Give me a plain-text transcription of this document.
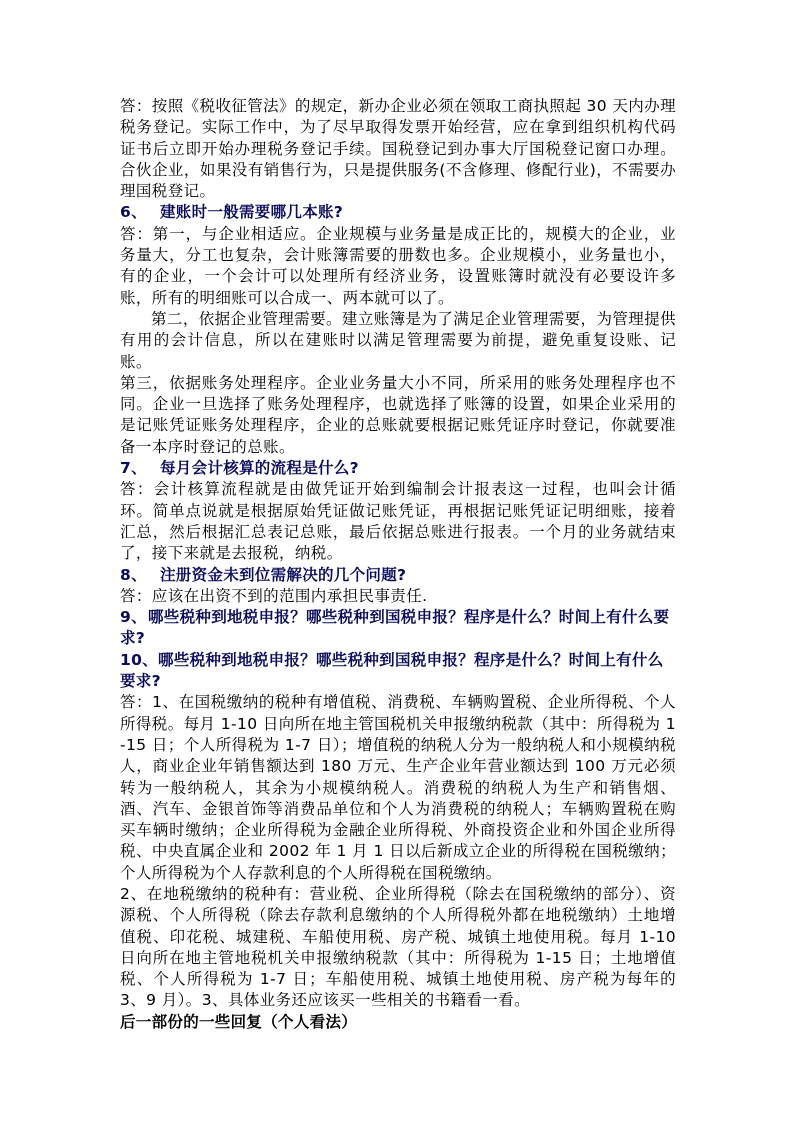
答：按照《税收征管法》的规定，新办企业必须在领取工商执照起 30 天内办理税务登记。实际工作中，为了尽早取得发票开始经营，应在拿到组织机构代码证书后立即开始办理税务登记手续。国税登记到办事大厅国税登记窗口办理。合伙企业，如果没有销售行为，只是提供服务(不含修理、修配行业)，不需要办理国税登记。

6、 建账时一般需要哪几本账?

答：第一，与企业相适应。企业规模与业务量是成正比的，规模大的企业，业务量大，分工也复杂，会计账簿需要的册数也多。企业规模小，业务量也小，有的企业，一个会计可以处理所有经济业务，设置账簿时就没有必要设许多账，所有的明细账可以合成一、两本就可以了。

第二，依据企业管理需要。建立账簿是为了满足企业管理需要，为管理提供有用的会计信息，所以在建账时以满足管理需要为前提，避免重复设账、记账。

第三，依据账务处理程序。企业业务量大小不同，所采用的账务处理程序也不同。企业一旦选择了账务处理程序，也就选择了账簿的设置，如果企业采用的是记账凭证账务处理程序，企业的总账就要根据记账凭证序时登记，你就要准备一本序时登记的总账。

7、 每月会计核算的流程是什么?

答：会计核算流程就是由做凭证开始到编制会计报表这一过程，也叫会计循环。简单点说就是根据原始凭证做记账凭证，再根据记账凭证记明细账，接着汇总，然后根据汇总表记总账，最后依据总账进行报表。一个月的业务就结束了，接下来就是去报税，纳税。

8、 注册资金未到位需解决的几个问题?

答：应该在出资不到的范围内承担民事责任.

9、哪些税种到地税申报？哪些税种到国税申报？程序是什么？时间上有什么要求?

10、哪些税种到地税申报？哪些税种到国税申报？程序是什么？时间上有什么要求?

答：1、在国税缴纳的税种有增值税、消费税、车辆购置税、企业所得税、个人所得税。每月 1-10 日向所在地主管国税机关申报缴纳税款（其中：所得税为 1-15 日；个人所得税为 1-7 日）；增值税的纳税人分为一般纳税人和小规模纳税人，商业企业年销售额达到 180 万元、生产企业年营业额达到 100 万元必须转为一般纳税人，其余为小规模纳税人。消费税的纳税人为生产和销售烟、酒、汽车、金银首饰等消费品单位和个人为消费税的纳税人；车辆购置税在购买车辆时缴纳；企业所得税为金融企业所得税、外商投资企业和外国企业所得税、中央直属企业和 2002 年 1 月 1 日以后新成立企业的所得税在国税缴纳；个人所得税为个人存款利息的个人所得税在国税缴纳。

2、在地税缴纳的税种有：营业税、企业所得税（除去在国税缴纳的部分）、资源税、个人所得税（除去存款利息缴纳的个人所得税外都在地税缴纳）土地增值税、印花税、城建税、车船使用税、房产税、城镇土地使用税。每月 1-10 日向所在地主管地税机关申报缴纳税款（其中：所得税为 1-15 日；土地增值税、个人所得税为 1-7 日；车船使用税、城镇土地使用税、房产税为每年的 3、9 月）。3、具体业务还应该买一些相关的书籍看一看。

后一部份的一些回复（个人看法）
